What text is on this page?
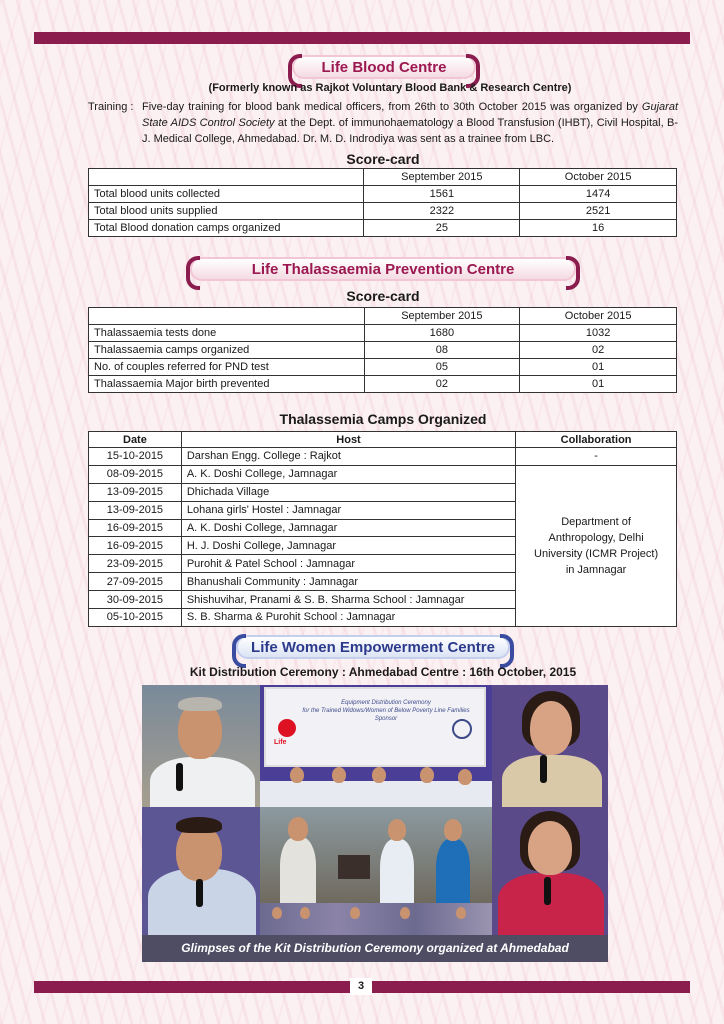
Life Blood Centre
(Formerly known as Rajkot Voluntary Blood Bank & Research Centre)
Training : Five-day training for blood bank medical officers, from 26th to 30th October 2015 was organized by Gujarat State AIDS Control Society at the Dept. of immunohaematology a Blood Transfusion (IHBT), Civil Hospital, B-J. Medical College, Ahmedabad. Dr. M. D. Indrodiya was sent as a trainee from LBC.
Score-card
	September 2015	October 2015
Total blood units collected	1561	1474
Total blood units supplied	2322	2521
Total Blood donation camps organized	25	16
Life Thalassaemia Prevention Centre
Score-card
	September 2015	October 2015
Thalassaemia tests done	1680	1032
Thalassaemia camps organized	08	02
No. of couples referred for PND test	05	01
Thalassaemia Major birth prevented	02	01
Thalassemia Camps Organized
Date	Host	Collaboration
15-10-2015	Darshan Engg. College : Rajkot	-
08-09-2015	A. K. Doshi College, Jamnagar	Department of
Anthropology, Delhi
University (ICMR Project)
in Jamnagar

13-09-2015	Dhichada Village	
13-09-2015	Lohana girls' Hostel : Jamnagar	
16-09-2015	A. K. Doshi College, Jamnagar	
16-09-2015	H. J. Doshi College, Jamnagar	
23-09-2015	Purohit & Patel School : Jamnagar	
27-09-2015	Bhanushali Community : Jamnagar	
30-09-2015	Shishuvihar, Pranami & S. B. Sharma School : Jamnagar	
05-10-2015	S. B. Sharma & Purohit School : Jamnagar	
Life Women Empowerment Centre
Kit Distribution Ceremony : Ahmedabad Centre : 16th October, 2015
Equipment Distribution Ceremony
for the Trained Widows/Women of Below Poverty Line Families
Sponsor
Life
Glimpses of the Kit Distribution Ceremony organized at Ahmedabad
3
